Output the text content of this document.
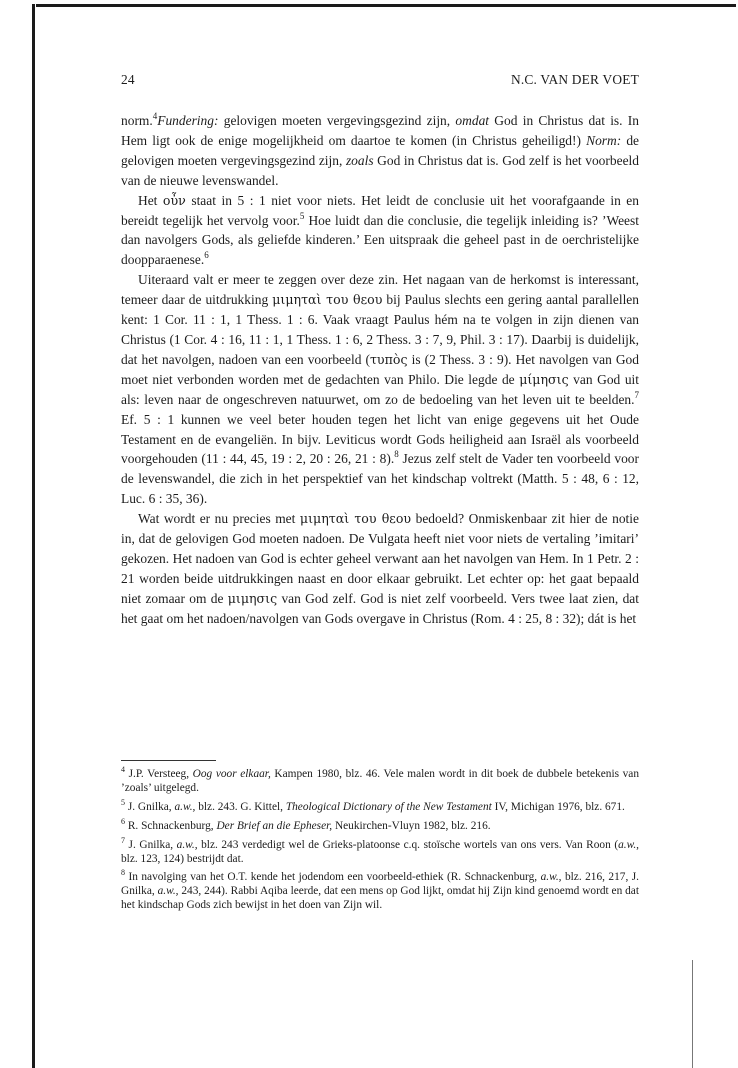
24	N.C. VAN DER VOET

norm.$^4$Fundering: gelovigen moeten vergevingsgezind zijn, omdat God in Christus dat is. In Hem ligt ook de enige mogelijkheid om daartoe te komen (in Christus geheiligd!) Norm: de gelovigen moeten vergevingsgezind zijn, zoals God in Christus dat is. God zelf is het voorbeeld van de nieuwe levenswandel.

Het οὖν staat in 5 : 1 niet voor niets. Het leidt de conclusie uit het voorafgaande in en bereidt tegelijk het vervolg voor.$^5$ Hoe luidt dan die conclusie, die tegelijk inleiding is? ’Weest dan navolgers Gods, als geliefde kinderen.’ Een uitspraak die geheel past in de oerchristelijke doopparaenese.$^6$

Uiteraard valt er meer te zeggen over deze zin. Het nagaan van de herkomst is interessant, temeer daar de uitdrukking μιμηταὶ του θεου bij Paulus slechts een gering aantal parallellen kent: 1 Cor. 11 : 1, 1 Thess. 1 : 6. Vaak vraagt Paulus hém na te volgen in zijn dienen van Christus (1 Cor. 4 : 16, 11 : 1, 1 Thess. 1 : 6, 2 Thess. 3 : 7, 9, Phil. 3 : 17). Daarbij is duidelijk, dat het navolgen, nadoen van een voorbeeld (τυπὸς is (2 Thess. 3 : 9). Het navolgen van God moet niet verbonden worden met de gedachten van Philo. Die legde de μίμησις van God uit als: leven naar de ongeschreven natuurwet, om zo de bedoeling van het leven uit te beelden.$^7$ Ef. 5 : 1 kunnen we veel beter houden tegen het licht van enige gegevens uit het Oude Testament en de evangeliën. In bijv. Leviticus wordt Gods heiligheid aan Israël als voorbeeld voorgehouden (11 : 44, 45, 19 : 2, 20 : 26, 21 : 8).$^8$ Jezus zelf stelt de Vader ten voorbeeld voor de levenswandel, die zich in het perspektief van het kindschap voltrekt (Matth. 5 : 48, 6 : 12, Luc. 6 : 35, 36).

Wat wordt er nu precies met μιμηταὶ του θεου bedoeld? Onmiskenbaar zit hier de notie in, dat de gelovigen God moeten nadoen. De Vulgata heeft niet voor niets de vertaling ’imitari’ gekozen. Het nadoen van God is echter geheel verwant aan het navolgen van Hem. In 1 Petr. 2 : 21 worden beide uitdrukkingen naast en door elkaar gebruikt. Let echter op: het gaat bepaald niet zomaar om de μιμησις van God zelf. God is niet zelf voorbeeld. Vers twee laat zien, dat het gaat om het nadoen/navolgen van Gods overgave in Christus (Rom. 4 : 25, 8 : 32); dát is het

$^4$ J.P. Versteeg, Oog voor elkaar, Kampen 1980, blz. 46. Vele malen wordt in dit boek de dubbele betekenis van ’zoals’ uitgelegd.

$^5$ J. Gnilka, a.w., blz. 243. G. Kittel, Theological Dictionary of the New Testament IV, Michigan 1976, blz. 671.

$^6$ R. Schnackenburg, Der Brief an die Epheser, Neukirchen-Vluyn 1982, blz. 216.

$^7$ J. Gnilka, a.w., blz. 243 verdedigt wel de Grieks-platoonse c.q. stoïsche wortels van ons vers. Van Roon (a.w., blz. 123, 124) bestrijdt dat.

$^8$ In navolging van het O.T. kende het jodendom een voorbeeld-ethiek (R. Schnackenburg, a.w., blz. 216, 217, J. Gnilka, a.w., 243, 244). Rabbi Aqiba leerde, dat een mens op God lijkt, omdat hij Zijn kind genoemd wordt en dat het kindschap Gods zich bewijst in het doen van Zijn wil.
